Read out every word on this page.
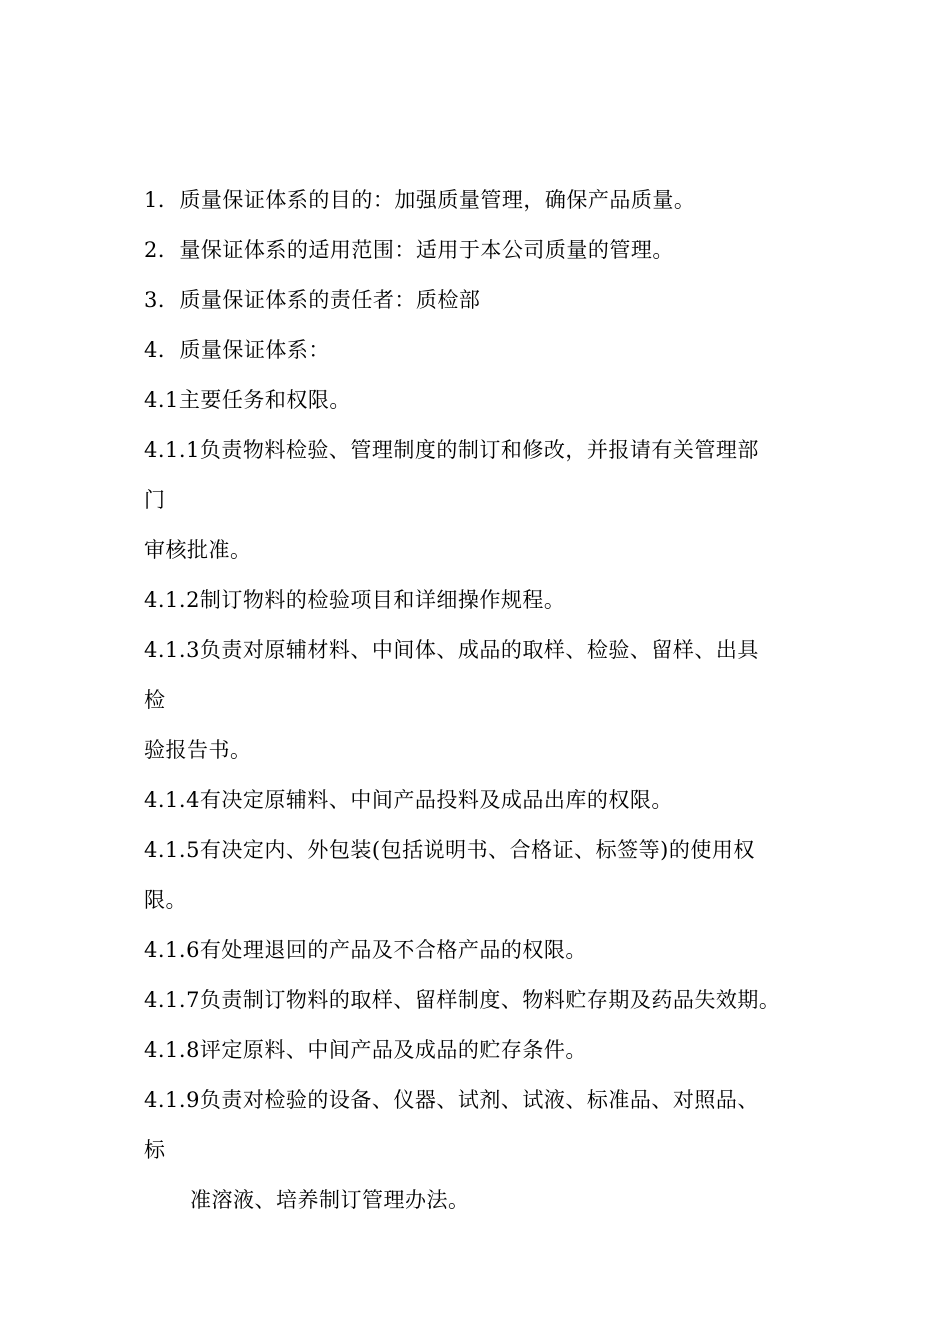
1．质量保证体系的目的：加强质量管理，确保产品质量。
2．量保证体系的适用范围：适用于本公司质量的管理。
3．质量保证体系的责任者：质检部
4．质量保证体系：
4.1主要任务和权限。
4.1.1负责物料检验、管理制度的制订和修改，并报请有关管理部
门
审核批准。
4.1.2制订物料的检验项目和详细操作规程。
4.1.3负责对原辅材料、中间体、成品的取样、检验、留样、出具
检
验报告书。
4.1.4有决定原辅料、中间产品投料及成品出库的权限。
4.1.5有决定内、外包装(包括说明书、合格证、标签等)的使用权
限。
4.1.6有处理退回的产品及不合格产品的权限。
4.1.7负责制订物料的取样、留样制度、物料贮存期及药品失效期。
4.1.8评定原料、中间产品及成品的贮存条件。
4.1.9负责对检验的设备、仪器、试剂、试液、标准品、对照品、
标
准溶液、培养制订管理办法。
